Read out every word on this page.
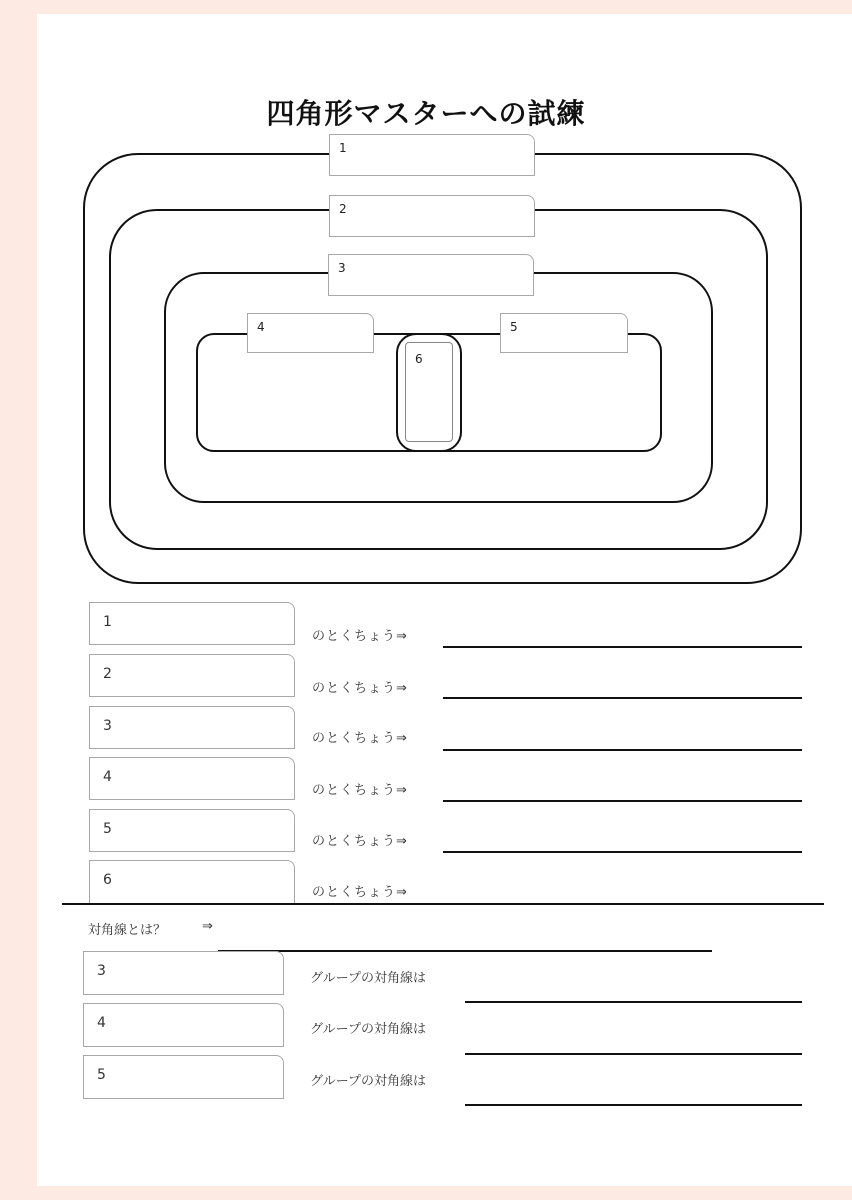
四角形マスターへの試練
1
2
3
4	5
6
1
のとくちょう⇒
2
のとくちょう⇒
3
のとくちょう⇒
4
のとくちょう⇒
5
のとくちょう⇒
6
のとくちょう⇒
対角線とは？	⇒
3	グループの対角線は
4	グループの対角線は
5	グループの対角線は
